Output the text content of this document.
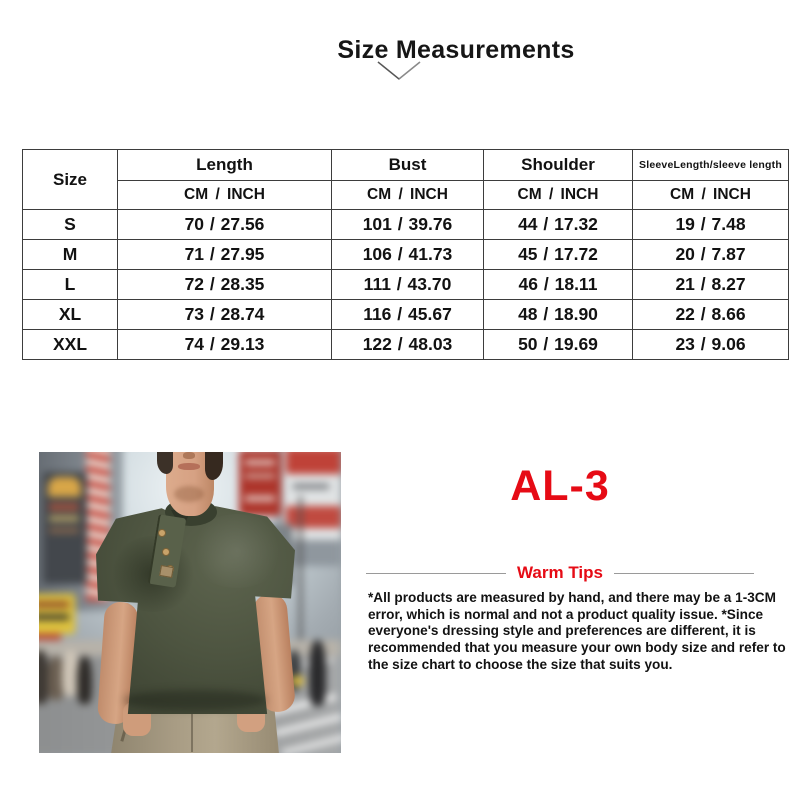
Size Measurements
Size	Length	Bust	Shoulder	SleeveLength/sleeve length
	CM / INCH	CM / INCH	CM / INCH	CM / INCH
S	70 / 27.56	101 / 39.76	44 / 17.32	19 / 7.48
M	71 / 27.95	106 / 41.73	45 / 17.72	20 / 7.87
L	72 / 28.35	111 / 43.70	46 / 18.11	21 / 8.27
XL	73 / 28.74	116 / 45.67	48 / 18.90	22 / 8.66
XXL	74 / 29.13	122 / 48.03	50 / 19.69	23 / 9.06
AL-3
Warm Tips
*All products are measured by hand, and there may be a 1-3CM error, which is normal and not a product quality issue. *Since everyone's dressing style and preferences are different, it is recommended that you measure your own body size and refer to the size chart to choose the size that suits you.
